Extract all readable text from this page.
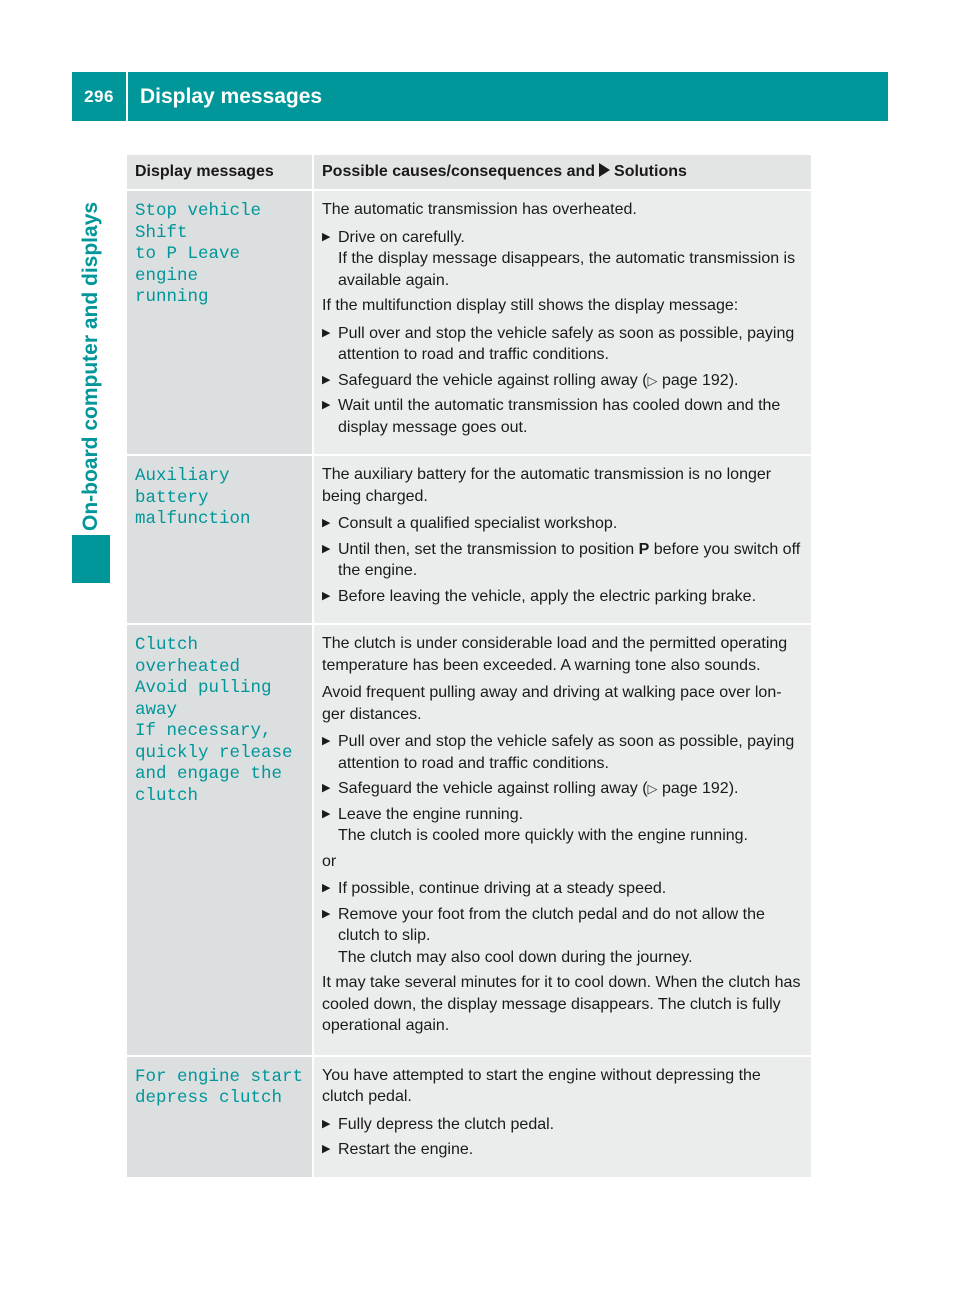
296	Display messages
On-board computer and displays
Display messages	Possible causes/consequences and Solutions
Stop vehicle Shift
to P Leave engine
running
The automatic transmission has overheated.
▶ Drive on carefully.
If the display message disappears, the automatic transmission is available again.
If the multifunction display still shows the display message:
▶ Pull over and stop the vehicle safely as soon as possible, paying attention to road and traffic conditions.
▶ Safeguard the vehicle against rolling away (▷ page 192).
▶ Wait until the automatic transmission has cooled down and the display message goes out.
Auxiliary battery
malfunction
The auxiliary battery for the automatic transmission is no longer being charged.
▶ Consult a qualified specialist workshop.
▶ Until then, set the transmission to position P before you switch off the engine.
▶ Before leaving the vehicle, apply the electric parking brake.
Clutch overheated
Avoid pulling away
If necessary,
quickly release
and engage the
clutch
The clutch is under considerable load and the permitted operating temperature has been exceeded. A warning tone also sounds.
Avoid frequent pulling away and driving at walking pace over lon-ger distances.
▶ Pull over and stop the vehicle safely as soon as possible, paying attention to road and traffic conditions.
▶ Safeguard the vehicle against rolling away (▷ page 192).
▶ Leave the engine running.
The clutch is cooled more quickly with the engine running.
or
▶ If possible, continue driving at a steady speed.
▶ Remove your foot from the clutch pedal and do not allow the clutch to slip.
The clutch may also cool down during the journey.
It may take several minutes for it to cool down. When the clutch has cooled down, the display message disappears. The clutch is fully operational again.
For engine start
depress clutch
You have attempted to start the engine without depressing the clutch pedal.
▶ Fully depress the clutch pedal.
▶ Restart the engine.
